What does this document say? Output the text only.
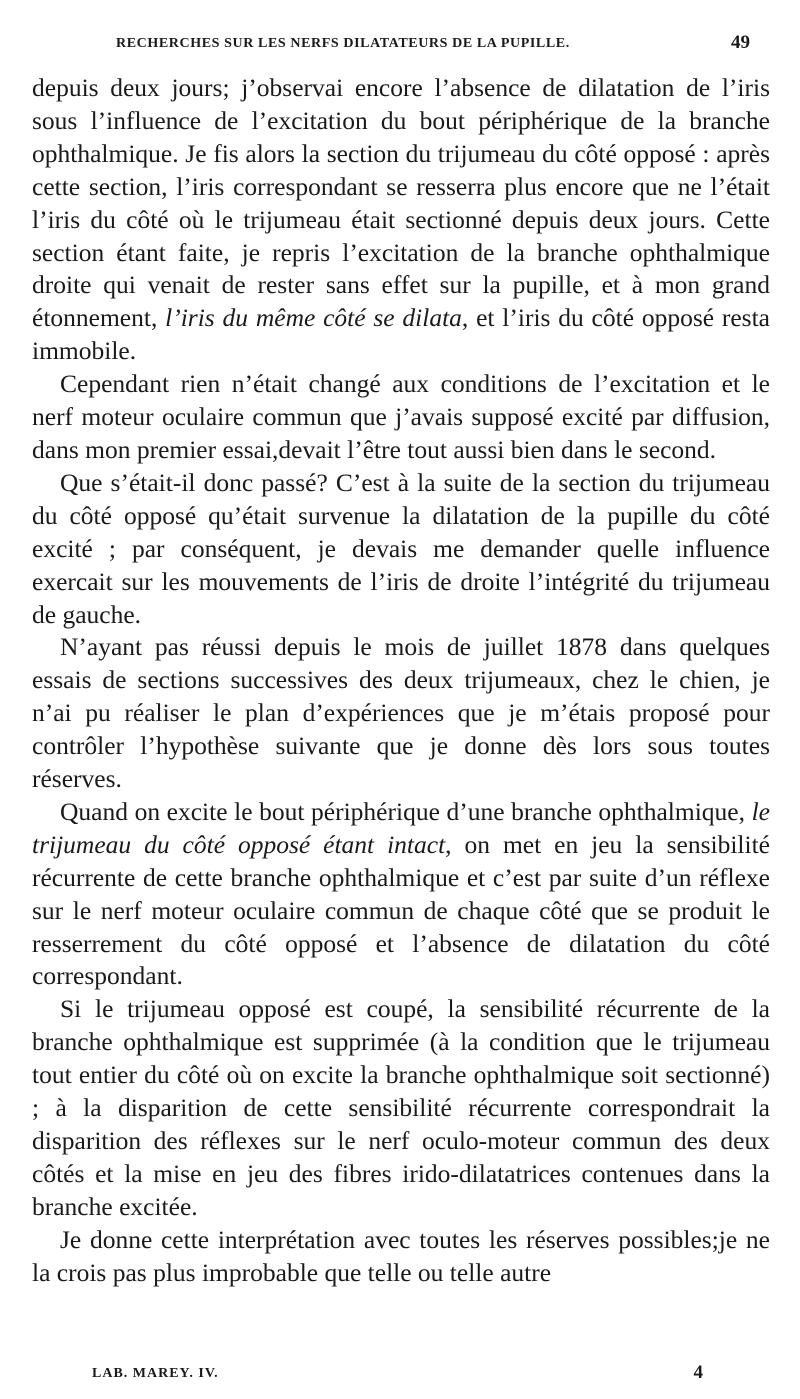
RECHERCHES SUR LES NERFS DILATATEURS DE LA PUPILLE.	49

depuis deux jours; j’observai encore l’absence de dilatation de l’iris sous l’influence de l’excitation du bout périphérique de la branche ophthalmique. Je fis alors la section du trijumeau du côté opposé : après cette section, l’iris correspondant se resserra plus encore que ne l’était l’iris du côté où le trijumeau était sectionné depuis deux jours. Cette section étant faite, je repris l’excitation de la branche ophthalmique droite qui venait de rester sans effet sur la pupille, et à mon grand étonnement, l’iris du même côté se dilata, et l’iris du côté opposé resta immobile.

Cependant rien n’était changé aux conditions de l’excitation et le nerf moteur oculaire commun que j’avais supposé excité par diffusion, dans mon premier essai,devait l’être tout aussi bien dans le second.

Que s’était-il donc passé? C’est à la suite de la section du trijumeau du côté opposé qu’était survenue la dilatation de la pupille du côté excité ; par conséquent, je devais me demander quelle influence exercait sur les mouvements de l’iris de droite l’intégrité du trijumeau de gauche.

N’ayant pas réussi depuis le mois de juillet 1878 dans quelques essais de sections successives des deux trijumeaux, chez le chien, je n’ai pu réaliser le plan d’expériences que je m’étais proposé pour contrôler l’hypothèse suivante que je donne dès lors sous toutes réserves.

Quand on excite le bout périphérique d’une branche ophthalmique, le trijumeau du côté opposé étant intact, on met en jeu la sensibilité récurrente de cette branche ophthalmique et c’est par suite d’un réflexe sur le nerf moteur oculaire commun de chaque côté que se produit le resserrement du côté opposé et l’absence de dilatation du côté correspondant.

Si le trijumeau opposé est coupé, la sensibilité récurrente de la branche ophthalmique est supprimée (à la condition que le trijumeau tout entier du côté où on excite la branche ophthalmique soit sectionné) ; à la disparition de cette sensibilité récurrente correspondrait la disparition des réflexes sur le nerf oculo-moteur commun des deux côtés et la mise en jeu des fibres irido-dilatatrices contenues dans la branche excitée.

Je donne cette interprétation avec toutes les réserves possibles;je ne la crois pas plus improbable que telle ou telle autre

LAB. MAREY. IV.	4
